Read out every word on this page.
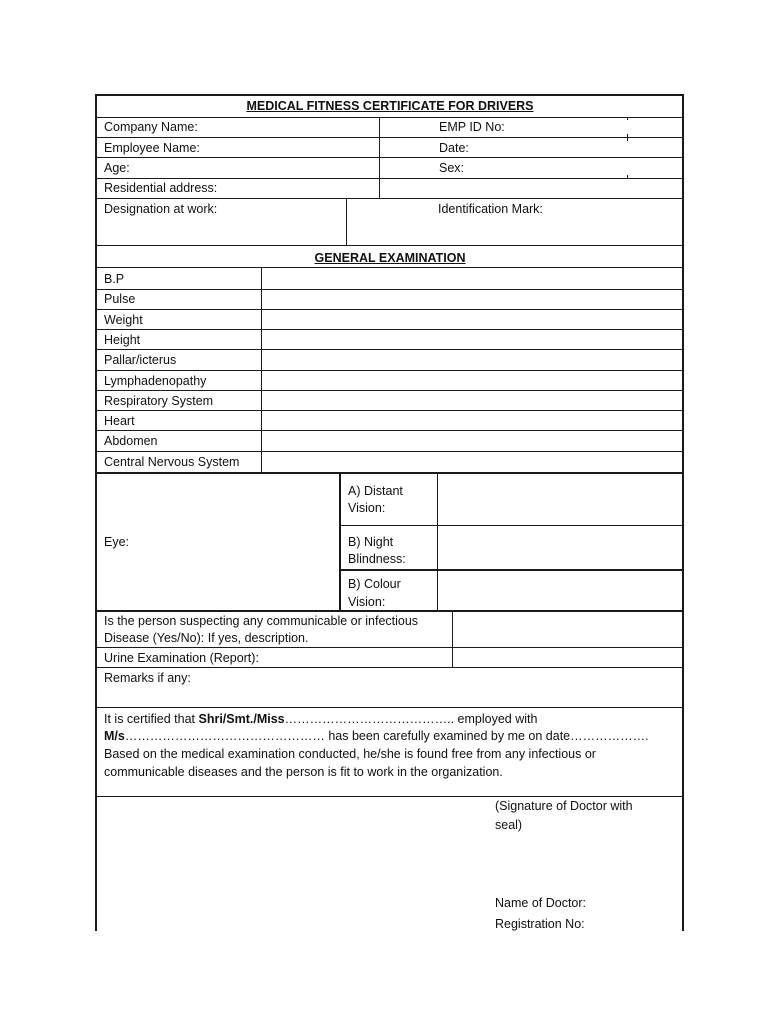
MEDICAL FITNESS CERTIFICATE FOR DRIVERS
Company Name:	EMP ID No:
Employee Name:	Date:
Age:	Sex:
Residential address:
Designation at work:	Identification Mark:
GENERAL EXAMINATION
B.P
Pulse
Weight
Height
Pallar/icterus
Lymphadenopathy
Respiratory System
Heart
Abdomen
Central Nervous System
Eye:
A) Distant
Vision:
B) Night
Blindness:
B) Colour
Vision:
Is the person suspecting any communicable or infectious
Disease (Yes/No): If yes, description.
Urine Examination (Report):
Remarks if any:
It is certified that Shri/Smt./Miss………………………………….. employed with
M/s………………………………………… has been carefully examined by me on date……………….
Based on the medical examination conducted, he/she is found free from any infectious or
communicable diseases and the person is fit to work in the organization.
(Signature of Doctor with
seal)
Name of Doctor:
Registration No:
